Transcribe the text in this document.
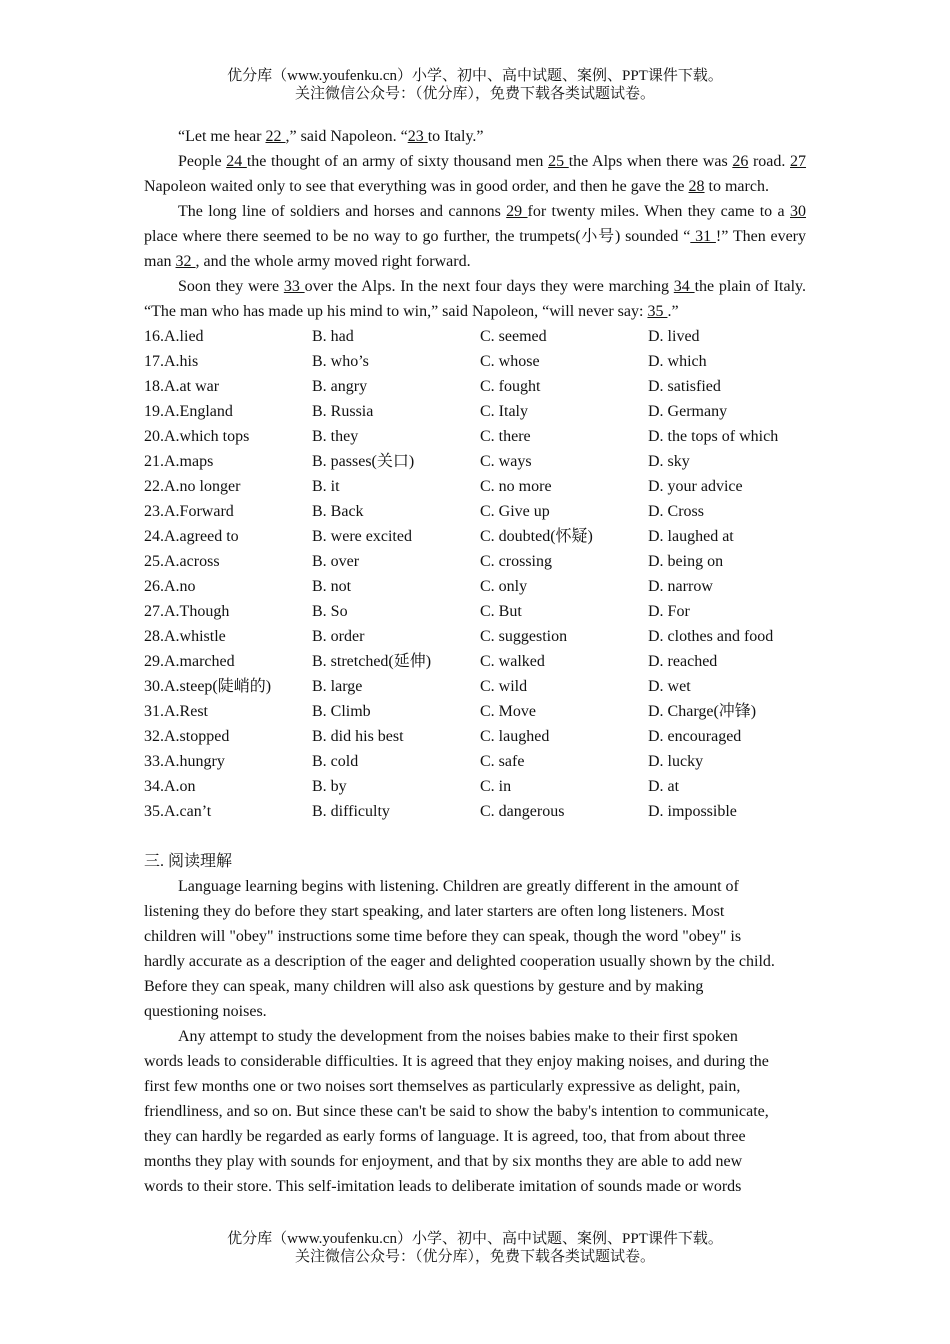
优分库（www.youfenku.cn）小学、初中、高中试题、案例、PPT课件下载。
关注微信公众号：（优分库），免费下载各类试题试卷。

“Let me hear 22 ,” said Napoleon. “23 to Italy.”

People 24 the thought of an army of sixty thousand men 25 the Alps when there was 26 road. 27 Napoleon waited only to see that everything was in good order, and then he gave the 28 to march.

The long line of soldiers and horses and cannons 29 for twenty miles. When they came to a 30 place where there seemed to be no way to go further, the trumpets(小号) sounded “ 31 !” Then every man 32 , and the whole army moved right forward.

Soon they were 33 over the Alps. In the next four days they were marching 34 the plain of Italy. “The man who has made up his mind to win,” said Napoleon, “will never say: 35 .”

16.A.lied	B. had	C. seemed	D. lived
17.A.his	B. who’s	C. whose	D. which
18.A.at war	B. angry	C. fought	D. satisfied
19.A.England	B. Russia	C. Italy	D. Germany
20.A.which tops	B. they	C. there	D. the tops of which
21.A.maps	B. passes(关口)	C. ways	D. sky
22.A.no longer	B. it	C. no more	D. your advice
23.A.Forward	B. Back	C. Give up	D. Cross
24.A.agreed to	B. were excited	C. doubted(怀疑)	D. laughed at
25.A.across	B. over	C. crossing	D. being on
26.A.no	B. not	C. only	D. narrow
27.A.Though	B. So	C. But	D. For
28.A.whistle	B. order	C. suggestion	D. clothes and food
29.A.marched	B. stretched(延伸)	C. walked	D. reached
30.A.steep(陡峭的)	B. large	C. wild	D. wet
31.A.Rest	B. Climb	C. Move	D. Charge(冲锋)
32.A.stopped	B. did his best	C. laughed	D. encouraged
33.A.hungry	B. cold	C. safe	D. lucky
34.A.on	B. by	C. in	D. at
35.A.can’t	B. difficulty	C. dangerous	D. impossible

三. 阅读理解

Language learning begins with listening. Children are greatly different in the amount of
listening they do before they start speaking, and later starters are often long listeners. Most
children will "obey" instructions some time before they can speak, though the word "obey" is
hardly accurate as a description of the eager and delighted cooperation usually shown by the child.
Before they can speak, many children will also ask questions by gesture and by making
questioning noises.
Any attempt to study the development from the noises babies make to their first spoken
words leads to considerable difficulties. It is agreed that they enjoy making noises, and during the
first few months one or two noises sort themselves as particularly expressive as delight, pain,
friendliness, and so on. But since these can't be said to show the baby's intention to communicate,
they can hardly be regarded as early forms of language. It is agreed, too, that from about three
months they play with sounds for enjoyment, and that by six months they are able to add new
words to their store. This self-imitation leads to deliberate imitation of sounds made or words
优分库（www.youfenku.cn）小学、初中、高中试题、案例、PPT课件下载。
关注微信公众号：（优分库），免费下载各类试题试卷。
